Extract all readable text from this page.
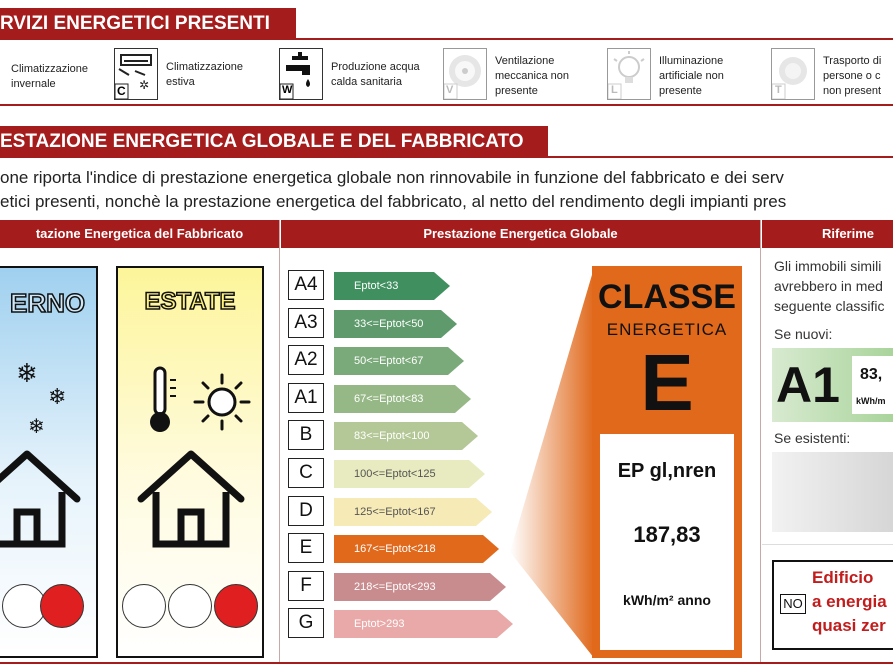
RVIZI ENERGETICI PRESENTI
Climatizzazione invernale	✲
C
Climatizzazione estiva
W
Produzione acqua calda sanitaria
V
Ventilazione meccanica non presente	L
Illuminazione artificiale non presente	T
Trasporto di persone o c non present
ESTAZIONE ENERGETICA GLOBALE E DEL FABBRICATO
one riporta l'indice di prestazione energetica globale non rinnovabile in funzione del fabbricato e dei serv
etici presenti, nonchè la prestazione energetica del fabbricato, al netto del rendimento degli impianti pres
tazione Energetica del Fabbricato	Prestazione Energetica Globale	Riferime
ERNO
❄
❄
❄
ESTATE
A4	Eptot<33
A3	33<=Eptot<50
A2	50<=Eptot<67
A1	67<=Eptot<83
B	83<=Eptot<100
C	100<=Eptot<125
D	125<=Eptot<167
E	167<=Eptot<218
F	218<=Eptot<293
G	Eptot>293
CLASSE
ENERGETICA
E
EP gl,nren
187,83
kWh/m² anno
Gli immobili simili
avrebbero in med
seguente classific
Se nuovi:
A1 83,
kWh/m
Se esistenti:
Edificio
NO a energia
quasi zer
